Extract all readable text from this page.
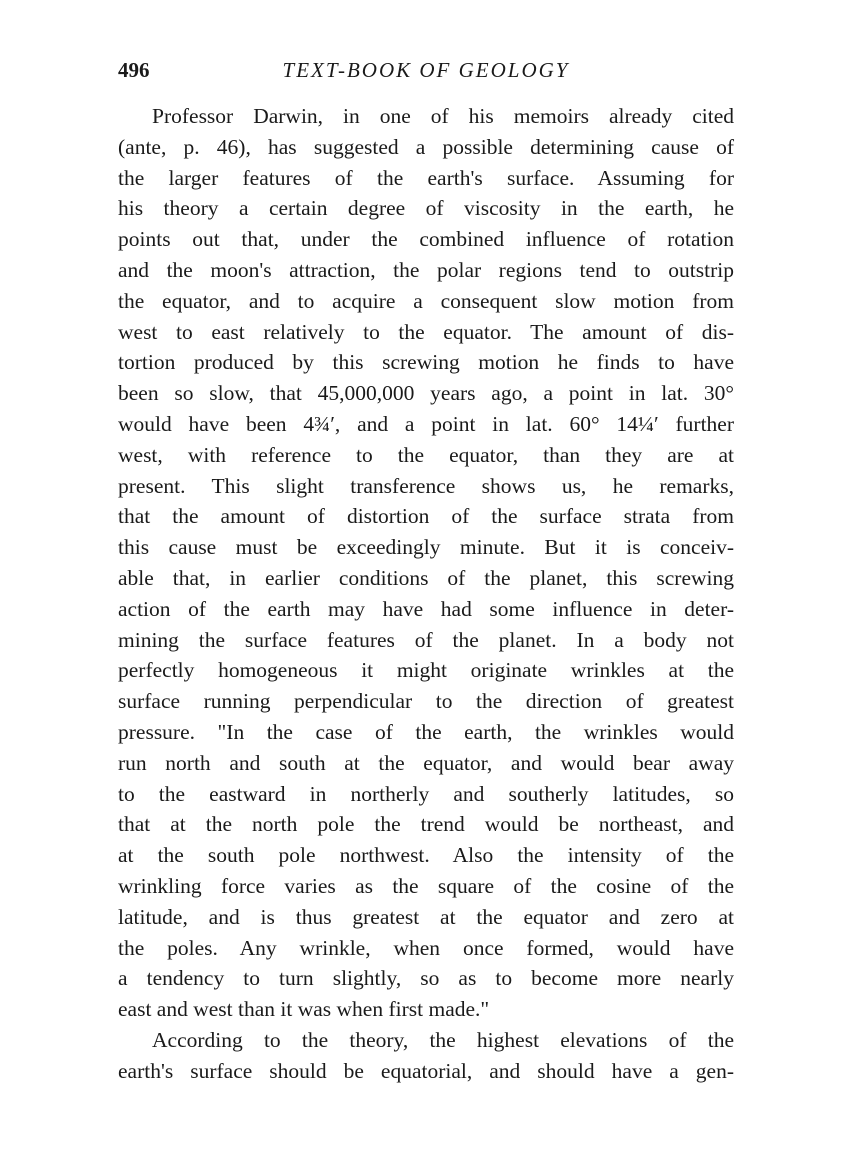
496	TEXT-BOOK OF GEOLOGY

Professor Darwin, in one of his memoirs already cited
(ante, p. 46), has suggested a possible determining cause of
the larger features of the earth's surface. Assuming for
his theory a certain degree of viscosity in the earth, he
points out that, under the combined influence of rotation
and the moon's attraction, the polar regions tend to outstrip
the equator, and to acquire a consequent slow motion from
west to east relatively to the equator. The amount of dis-
tortion produced by this screwing motion he finds to have
been so slow, that 45,000,000 years ago, a point in lat. 30°
would have been 4¾′, and a point in lat. 60° 14¼′ further
west, with reference to the equator, than they are at
present. This slight transference shows us, he remarks,
that the amount of distortion of the surface strata from
this cause must be exceedingly minute. But it is conceiv-
able that, in earlier conditions of the planet, this screwing
action of the earth may have had some influence in deter-
mining the surface features of the planet. In a body not
perfectly homogeneous it might originate wrinkles at the
surface running perpendicular to the direction of greatest
pressure. "In the case of the earth, the wrinkles would
run north and south at the equator, and would bear away
to the eastward in northerly and southerly latitudes, so
that at the north pole the trend would be northeast, and
at the south pole northwest. Also the intensity of the
wrinkling force varies as the square of the cosine of the
latitude, and is thus greatest at the equator and zero at
the poles. Any wrinkle, when once formed, would have
a tendency to turn slightly, so as to become more nearly
east and west than it was when first made."

According to the theory, the highest elevations of the
earth's surface should be equatorial, and should have a gen-
